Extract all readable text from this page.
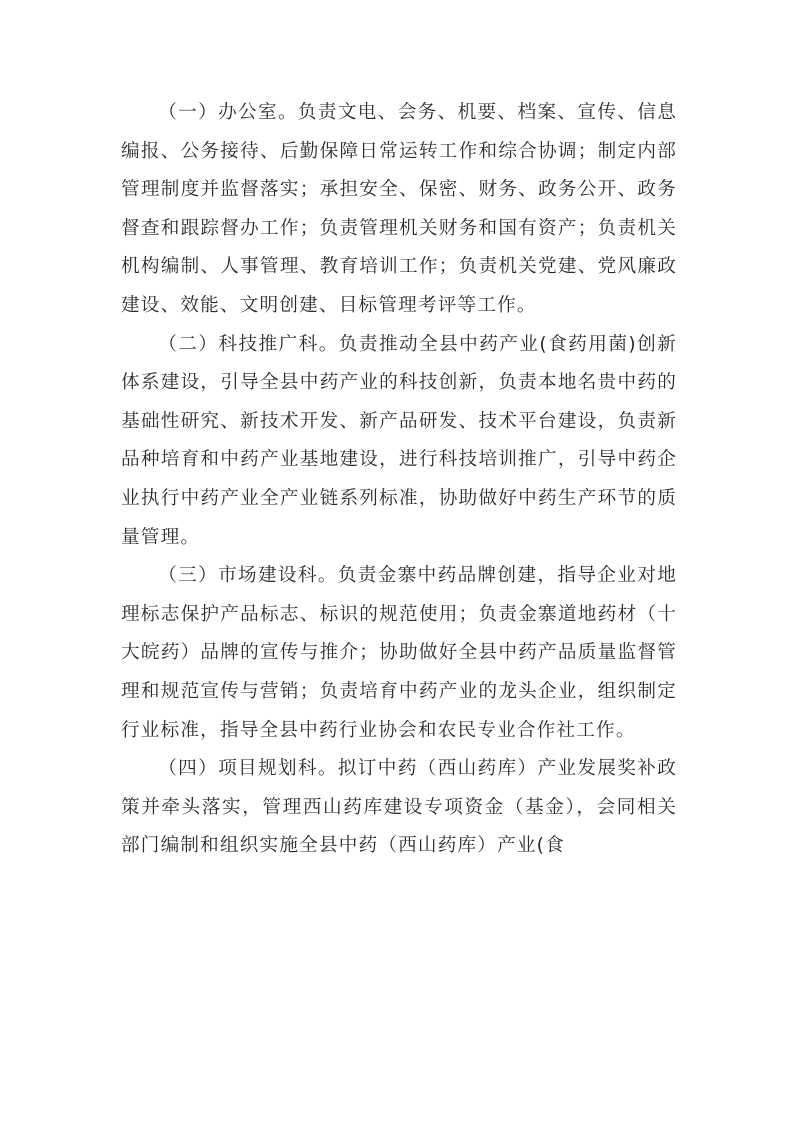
（一）办公室。负责文电、会务、机要、档案、宣传、信息编报、公务接待、后勤保障日常运转工作和综合协调；制定内部管理制度并监督落实；承担安全、保密、财务、政务公开、政务督查和跟踪督办工作；负责管理机关财务和国有资产；负责机关机构编制、人事管理、教育培训工作；负责机关党建、党风廉政建设、效能、文明创建、目标管理考评等工作。

（二）科技推广科。负责推动全县中药产业(食药用菌)创新体系建设，引导全县中药产业的科技创新，负责本地名贵中药的基础性研究、新技术开发、新产品研发、技术平台建设，负责新品种培育和中药产业基地建设，进行科技培训推广，引导中药企业执行中药产业全产业链系列标准，协助做好中药生产环节的质量管理。

（三）市场建设科。负责金寨中药品牌创建，指导企业对地理标志保护产品标志、标识的规范使用；负责金寨道地药材（十大皖药）品牌的宣传与推介；协助做好全县中药产品质量监督管理和规范宣传与营销；负责培育中药产业的龙头企业，组织制定行业标准，指导全县中药行业协会和农民专业合作社工作。

（四）项目规划科。拟订中药（西山药库）产业发展奖补政策并牵头落实，管理西山药库建设专项资金（基金），会同相关部门编制和组织实施全县中药（西山药库）产业(食
